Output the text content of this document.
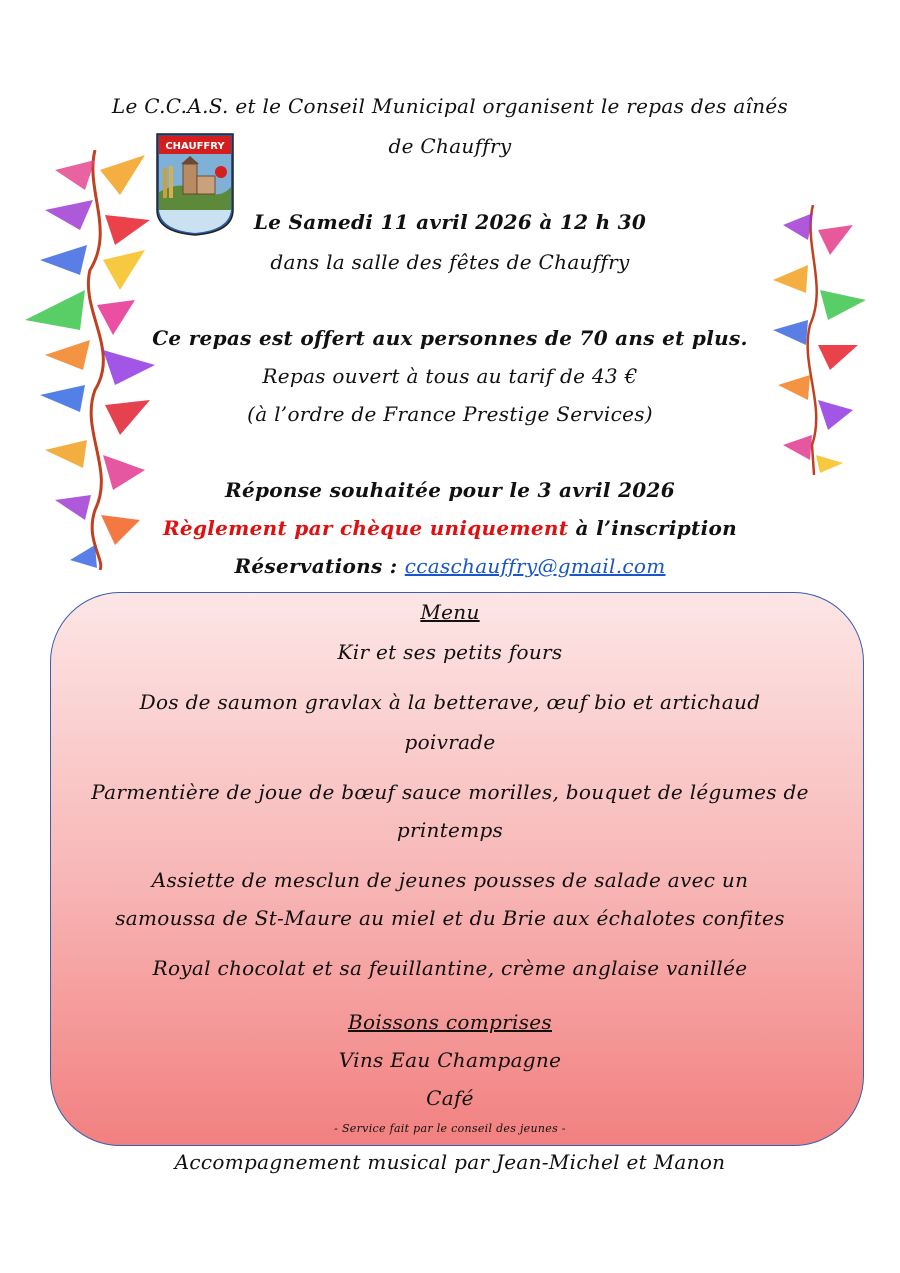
CHAUFFRY
Le C.C.A.S. et le Conseil Municipal organisent le repas des aînés
de Chauffry
Le Samedi 11 avril 2026 à 12 h 30
dans la salle des fêtes de Chauffry
Ce repas est offert aux personnes de 70 ans et plus.
Repas ouvert à tous au tarif de 43 €
(à l’ordre de France Prestige Services)
Réponse souhaitée pour le 3 avril 2026
Règlement par chèque uniquement à l’inscription
Réservations : ccaschauffry@gmail.com
Menu
Kir et ses petits fours
Dos de saumon gravlax à la betterave, œuf bio et artichaud
poivrade
Parmentière de joue de bœuf sauce morilles, bouquet de légumes de
printemps
Assiette de mesclun de jeunes pousses de salade avec un
samoussa de St-Maure au miel et du Brie aux échalotes confites
Royal chocolat et sa feuillantine, crème anglaise vanillée
Boissons comprises
Vins Eau Champagne
Café
- Service fait par le conseil des jeunes -
Accompagnement musical par Jean-Michel et Manon
